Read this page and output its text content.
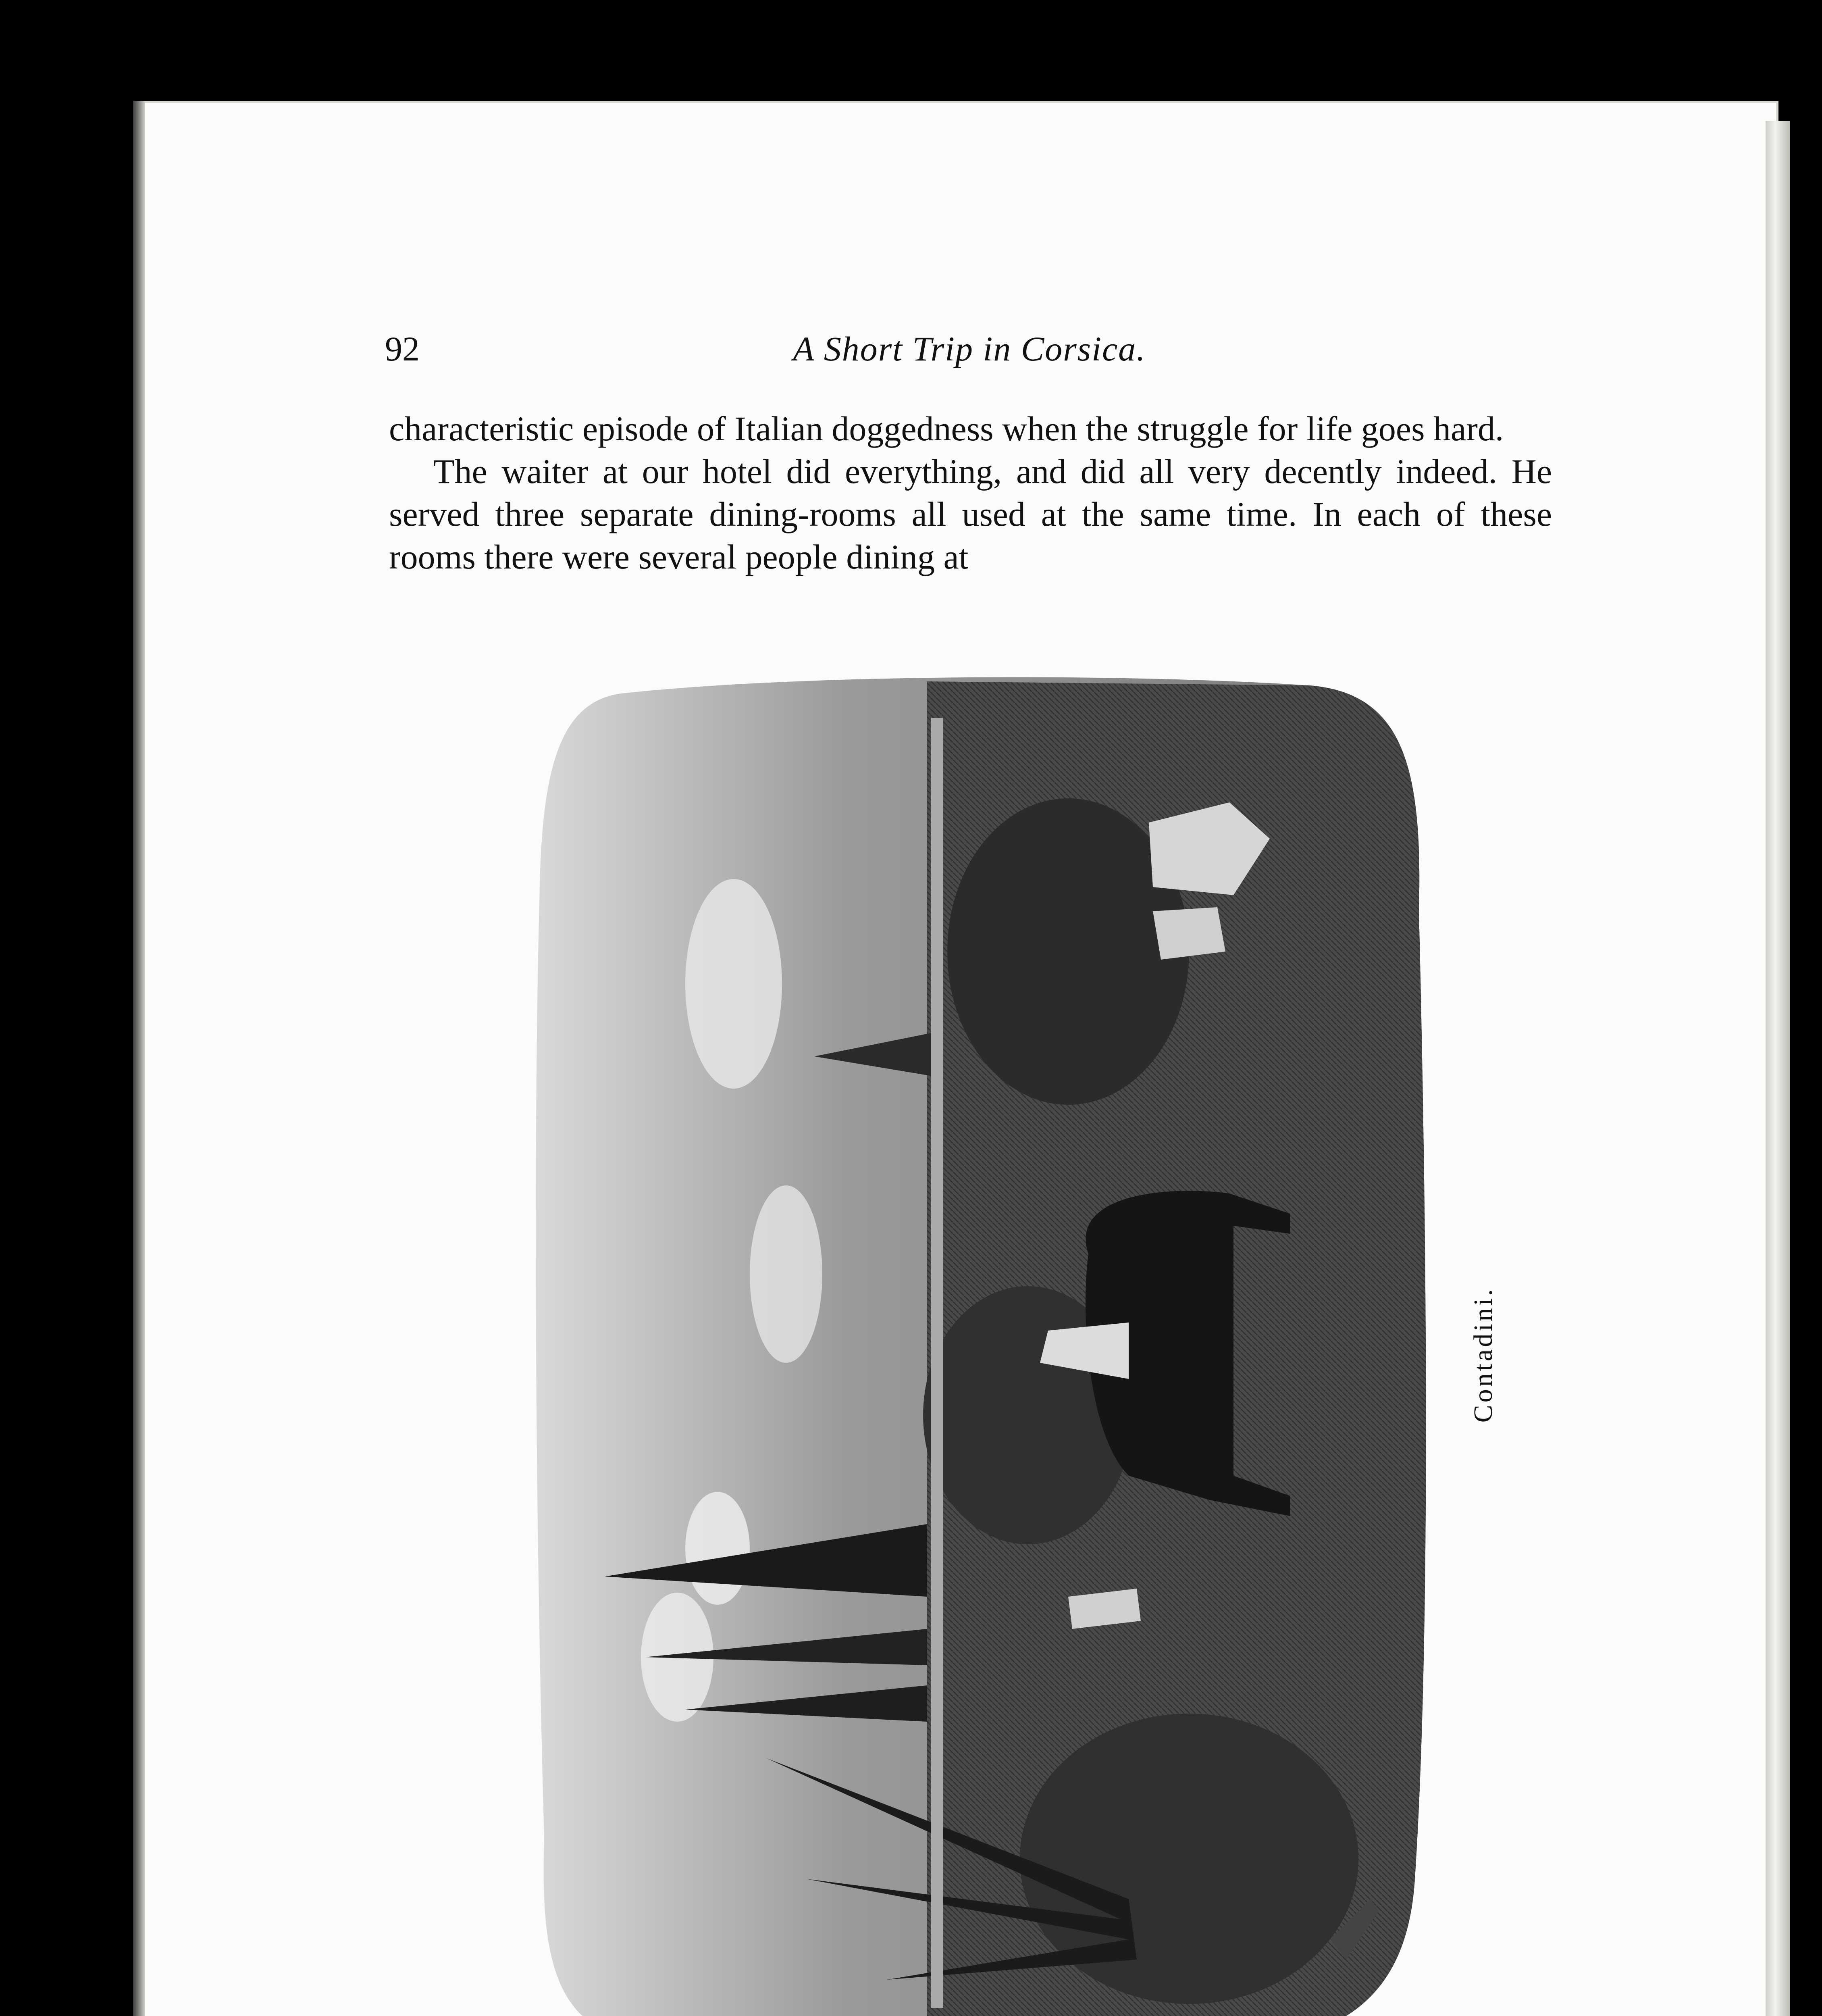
92	A Short Trip in Corsica.

characteristic episode of Italian doggedness when the struggle for life goes hard.

The waiter at our hotel did everything, and did all very decently indeed. He served three separate dining-rooms all used at the same time. In each of these rooms there were several people dining at

Contadini.
